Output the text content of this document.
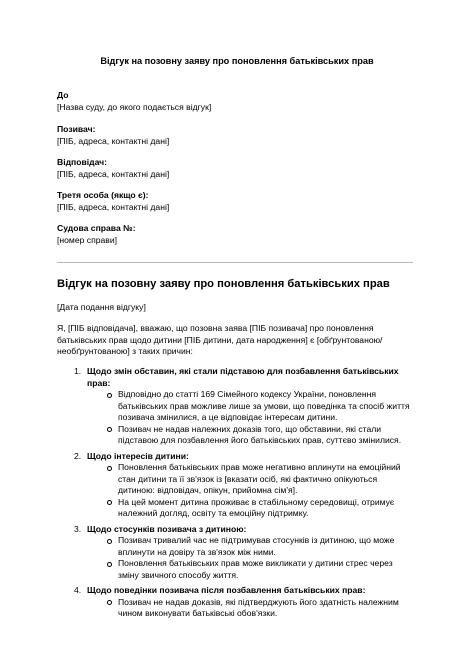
Відгук на позовну заяву про поновлення батьківських прав
До
[Назва суду, до якого подається відгук]
Позивач:
[ПІБ, адреса, контактні дані]
Відповідач:
[ПІБ, адреса, контактні дані]
Третя особа (якщо є):
[ПІБ, адреса, контактні дані]
Судова справа №:
[номер справи]
Відгук на позовну заяву про поновлення батьківських прав
[Дата подання відгуку]
Я, [ПІБ відповідача], вважаю, що позовна заява [ПІБ позивача] про поновлення батьківських прав щодо дитини [ПІБ дитини, дата народження] є [обґрунтованою/необґрунтованою] з таких причин:
1. Щодо змін обставин, які стали підставою для позбавлення батьківських прав:
Відповідно до статті 169 Сімейного кодексу України, поновлення батьківських прав можливе лише за умови, що поведінка та спосіб життя позивача змінилися, а це відповідає інтересам дитини.
Позивач не надав належних доказів того, що обставини, які стали підставою для позбавлення його батьківських прав, суттєво змінилися.
2. Щодо інтересів дитини:
Поновлення батьківських прав може негативно вплинути на емоційний стан дитини та її зв'язок із [вказати осіб, які фактично опікуються дитиною: відповідач, опікун, прийомна сім'я].
На цей момент дитина проживає в стабільному середовищі, отримує належний догляд, освіту та емоційну підтримку.
3. Щодо стосунків позивача з дитиною:
Позивач тривалий час не підтримував стосунків із дитиною, що може вплинути на довіру та зв'язок між ними.
Поновлення батьківських прав може викликати у дитини стрес через зміну звичного способу життя.
4. Щодо поведінки позивача після позбавлення батьківських прав:
Позивач не надав доказів, які підтверджують його здатність належним чином виконувати батьківські обов'язки.
